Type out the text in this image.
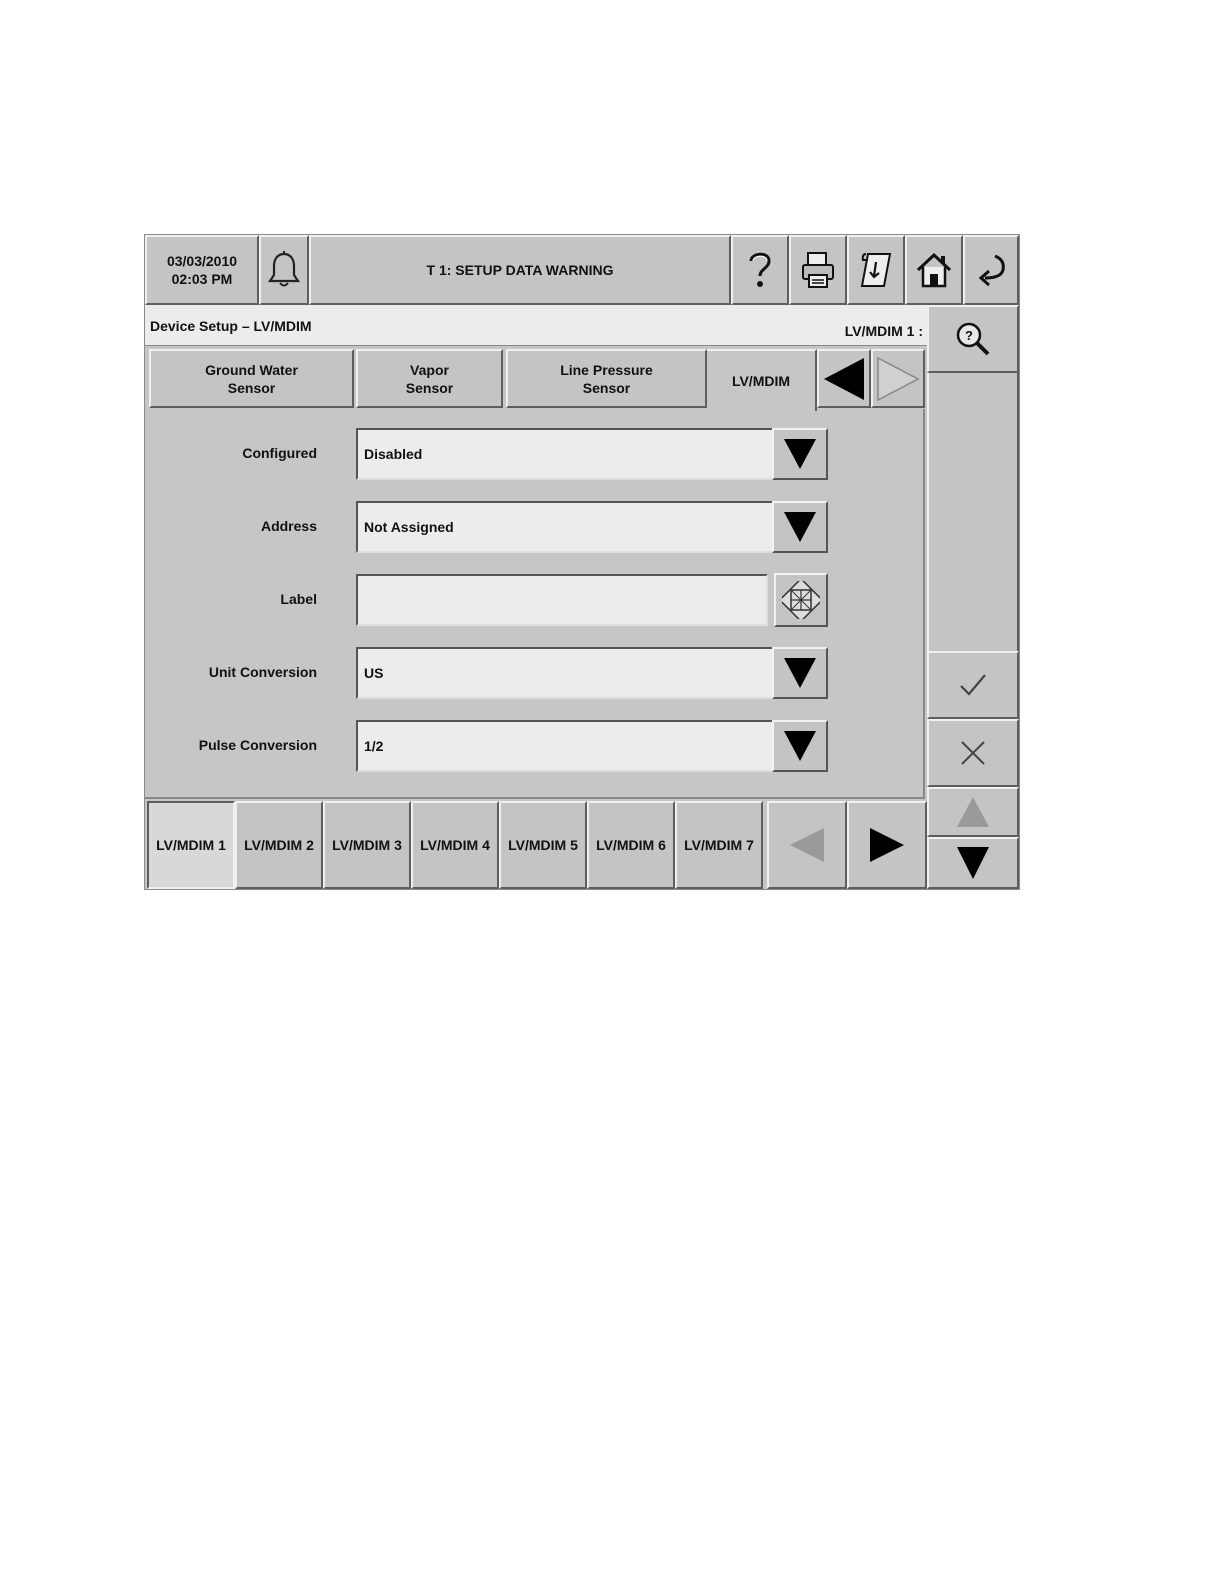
03/03/2010
02:03 PM
T 1: SETUP DATA WARNING
Device Setup – LV/MDIM	LV/MDIM 1 :	?
Ground Water
Sensor
Vapor
Sensor
Line Pressure
Sensor	LV/MDIM
Configured	Disabled
Address	Not Assigned
Label
Unit Conversion	US
Pulse Conversion	1/2
LV/MDIM 1 LV/MDIM 2 LV/MDIM 3 LV/MDIM 4 LV/MDIM 5 LV/MDIM 6 LV/MDIM 7
